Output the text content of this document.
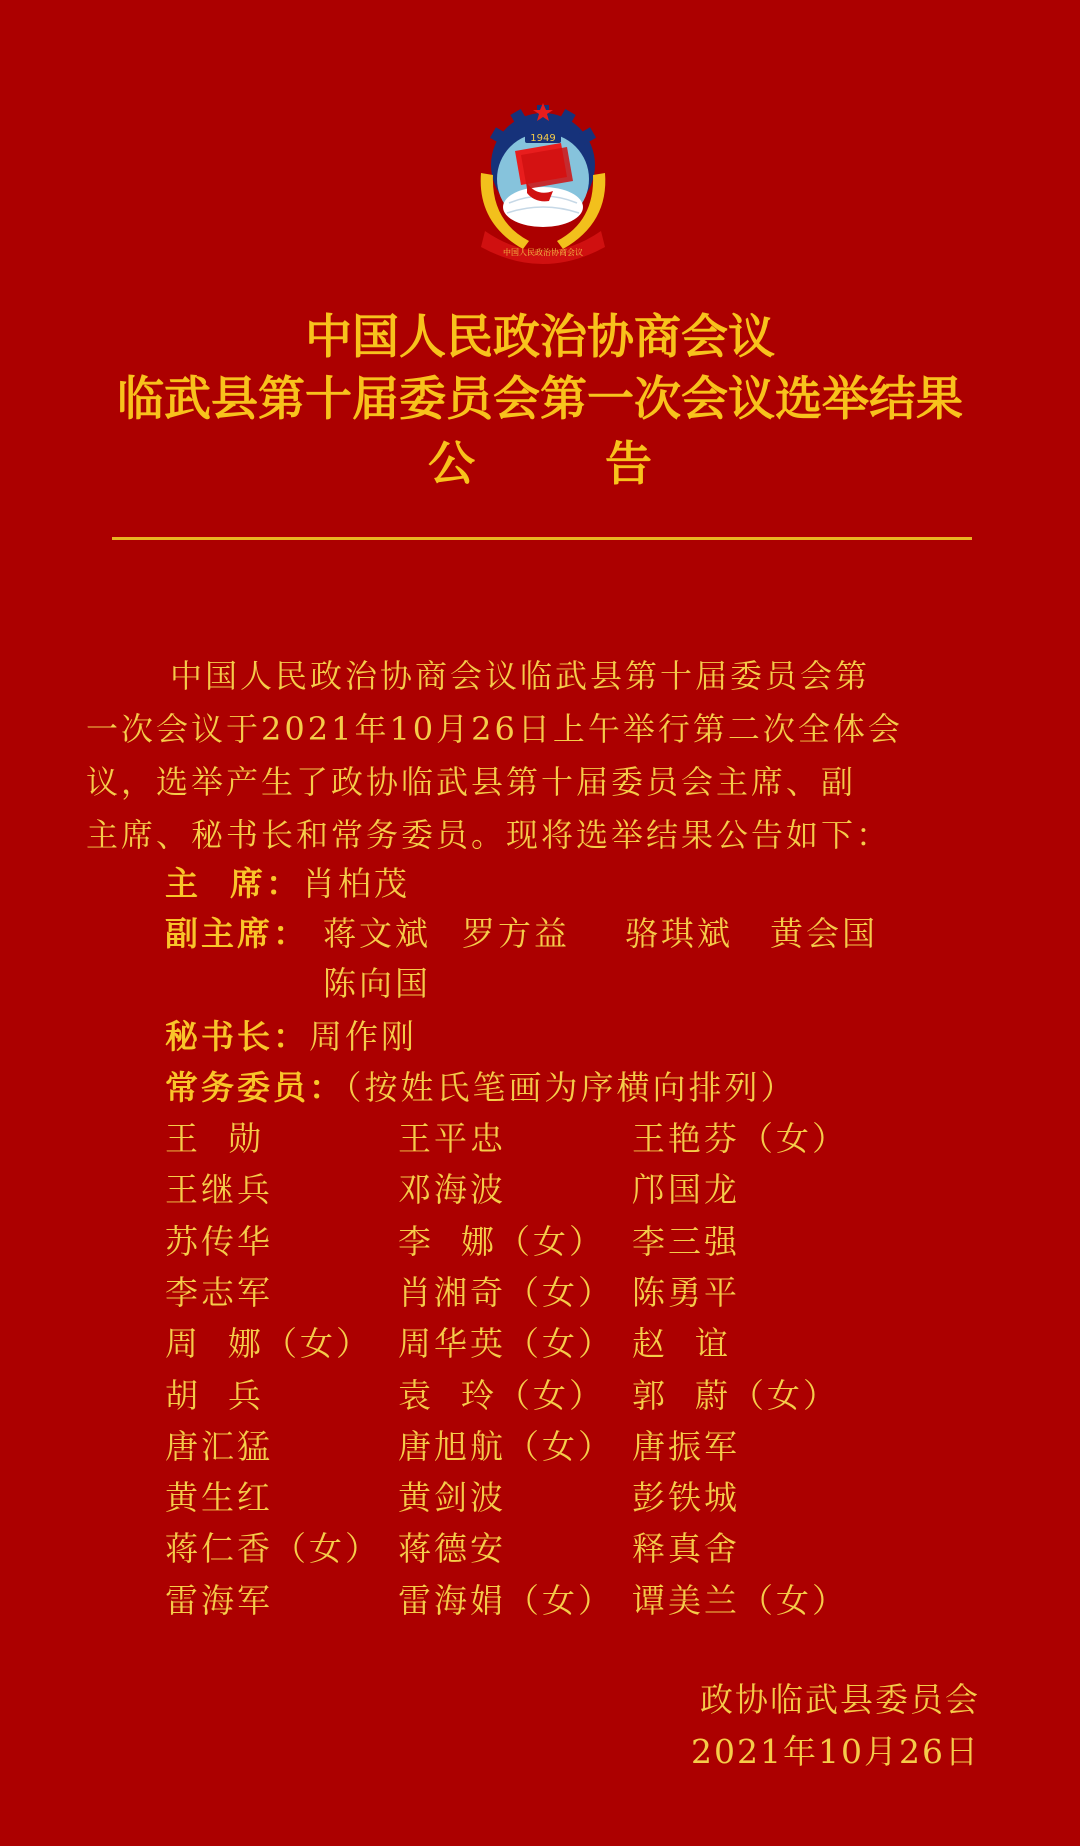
1949
中国人民政治协商会议
中国人民政治协商会议
临武县第十届委员会第一次会议选举结果
公	告

中国人民政治协商会议临武县第十届委员会第

一次会议于2021年10月26日上午举行第二次全体会

议，选举产生了政协临武县第十届委员会主席、副

主席、秘书长和常务委员。现将选举结果公告如下：

主  席：肖柏茂
副主席： 蒋文斌 罗方益 骆琪斌 黄会国
陈向国
秘书长：周作刚
常务委员：（按姓氏笔画为序横向排列）
王  勋	王平忠	王艳芬（女）
王继兵	邓海波	邝国龙
苏传华	李  娜（女） 李三强
李志军	肖湘奇（女） 陈勇平
周  娜（女） 周华英（女） 赵  谊
胡  兵	袁  玲（女） 郭  蔚（女）
唐汇猛	唐旭航（女） 唐振军
黄生红	黄剑波	彭铁城
蒋仁香（女） 蒋德安	释真舍
雷海军	雷海娟（女） 谭美兰（女）
政协临武县委员会
2021年10月26日
